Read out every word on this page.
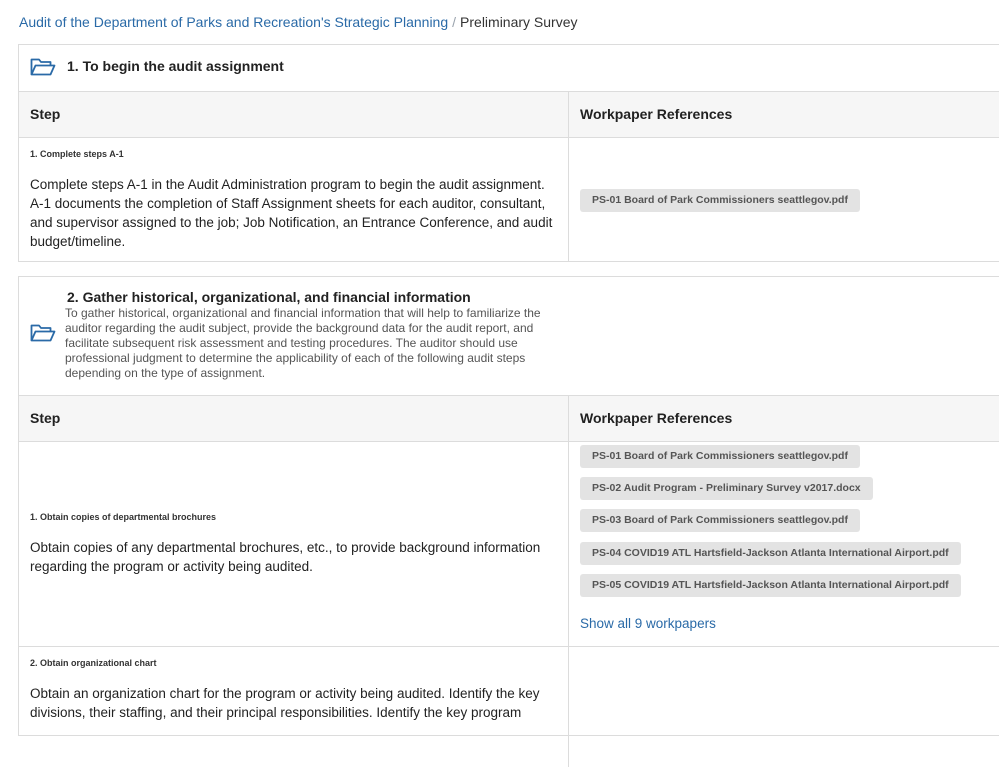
Audit of the Department of Parks and Recreation's Strategic Planning / Preliminary Survey
1. To begin the audit assignment
Step	Workpaper References
1. Complete steps A-1
Complete steps A-1 in the Audit Administration program to begin the audit assignment. A-1 documents the completion of Staff Assignment sheets for each auditor, consultant, and supervisor assigned to the job; Job Notification, an Entrance Conference, and audit budget/timeline.
PS-01 Board of Park Commissioners seattlegov.pdf
2. Gather historical, organizational, and financial information
To gather historical, organizational and financial information that will help to familiarize the auditor regarding the audit subject, provide the background data for the audit report, and facilitate subsequent risk assessment and testing procedures. The auditor should use professional judgment to determine the applicability of each of the following audit steps depending on the type of assignment.
Step	Workpaper References
1. Obtain copies of departmental brochures
Obtain copies of any departmental brochures, etc., to provide background information regarding the program or activity being audited.
PS-01 Board of Park Commissioners seattlegov.pdf
PS-02 Audit Program - Preliminary Survey v2017.docx
PS-03 Board of Park Commissioners seattlegov.pdf
PS-04 COVID19 ATL Hartsfield-Jackson Atlanta International Airport.pdf
PS-05 COVID19 ATL Hartsfield-Jackson Atlanta International Airport.pdf
Show all 9 workpapers
2. Obtain organizational chart
Obtain an organization chart for the program or activity being audited. Identify the key divisions, their staffing, and their principal responsibilities. Identify the key program
